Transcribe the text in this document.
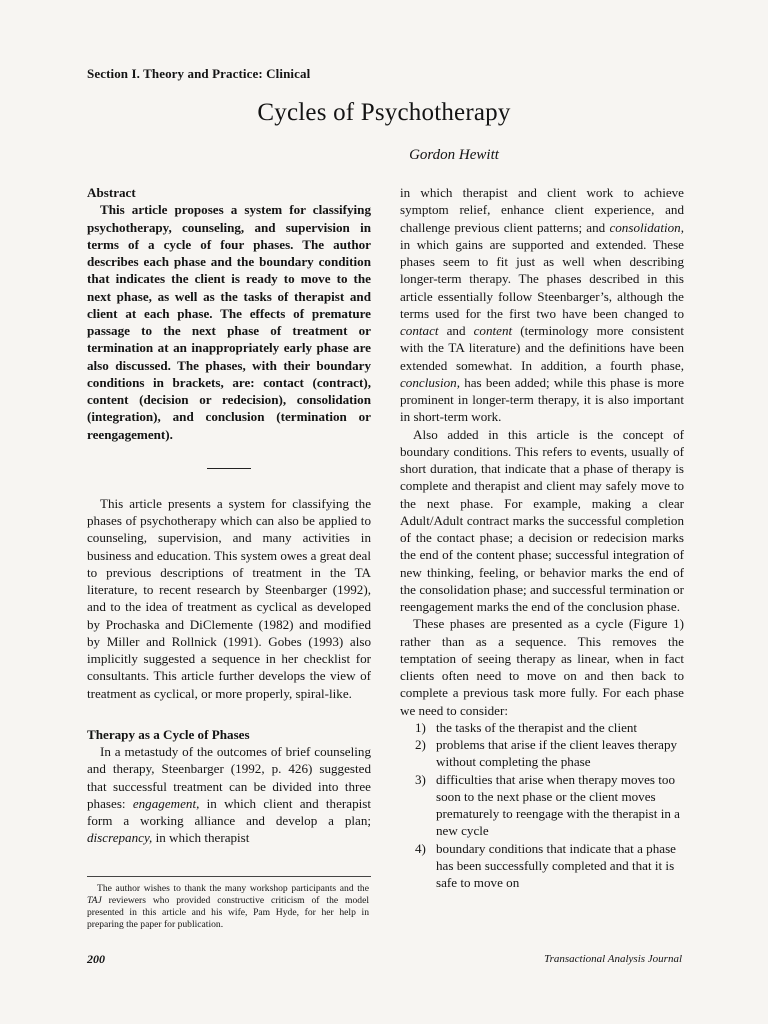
Section I. Theory and Practice: Clinical
Cycles of Psychotherapy
Gordon Hewitt

Abstract

This article proposes a system for classifying psychotherapy, counseling, and supervision in terms of a cycle of four phases. The author describes each phase and the boundary condition that indicates the client is ready to move to the next phase, as well as the tasks of therapist and client at each phase. The effects of premature passage to the next phase of treatment or termination at an inappropriately early phase are also discussed. The phases, with their boundary conditions in brackets, are: contact (contract), content (decision or redecision), consolidation (integration), and conclusion (termination or reengagement).

This article presents a system for classifying the phases of psychotherapy which can also be applied to counseling, supervision, and many activities in business and education. This system owes a great deal to previous descriptions of treatment in the TA literature, to recent research by Steenbarger (1992), and to the idea of treatment as cyclical as developed by Prochaska and DiClemente (1982) and modified by Miller and Rollnick (1991). Gobes (1993) also implicitly suggested a sequence in her checklist for consultants. This article further develops the view of treatment as cyclical, or more properly, spiral-like.

Therapy as a Cycle of Phases

In a metastudy of the outcomes of brief counseling and therapy, Steenbarger (1992, p. 426) suggested that successful treatment can be divided into three phases: engagement, in which client and therapist form a working alliance and develop a plan; discrepancy, in which therapist

The author wishes to thank the many workshop participants and the TAJ reviewers who provided constructive criticism of the model presented in this article and his wife, Pam Hyde, for her help in preparing the paper for publication.

in which therapist and client work to achieve symptom relief, enhance client experience, and challenge previous client patterns; and consolidation, in which gains are supported and extended. These phases seem to fit just as well when describing longer-term therapy. The phases described in this article essentially follow Steenbarger’s, although the terms used for the first two have been changed to contact and content (terminology more consistent with the TA literature) and the definitions have been extended somewhat. In addition, a fourth phase, conclusion, has been added; while this phase is more prominent in longer-term therapy, it is also important in short-term work.

Also added in this article is the concept of boundary conditions. This refers to events, usually of short duration, that indicate that a phase of therapy is complete and therapist and client may safely move to the next phase. For example, making a clear Adult/Adult contract marks the successful completion of the contact phase; a decision or redecision marks the end of the content phase; successful integration of new thinking, feeling, or behavior marks the end of the consolidation phase; and successful termination or reengagement marks the end of the conclusion phase.

These phases are presented as a cycle (Figure 1) rather than as a sequence. This removes the temptation of seeing therapy as linear, when in fact clients often need to move on and then back to complete a previous task more fully. For each phase we need to consider:

1) the tasks of the therapist and the client
2) problems that arise if the client leaves therapy without completing the phase
3) difficulties that arise when therapy moves too soon to the next phase or the client moves prematurely to reengage with the therapist in a new cycle
4) boundary conditions that indicate that a phase has been successfully completed and that it is safe to move on
200	Transactional Analysis Journal
